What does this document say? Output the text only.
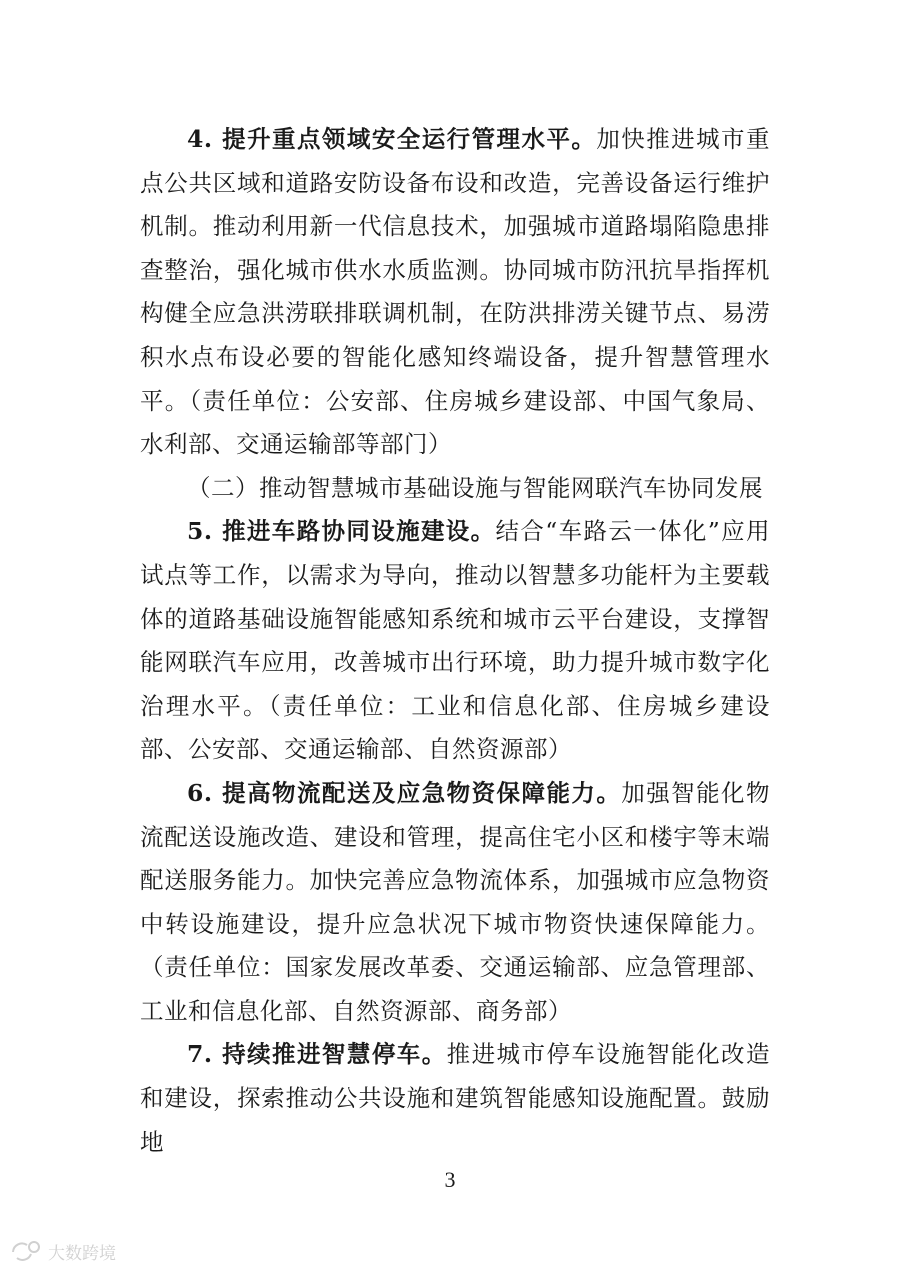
4. 提升重点领域安全运行管理水平。加快推进城市重点公共区域和道路安防设备布设和改造，完善设备运行维护机制。推动利用新一代信息技术，加强城市道路塌陷隐患排查整治，强化城市供水水质监测。协同城市防汛抗旱指挥机构健全应急洪涝联排联调机制，在防洪排涝关键节点、易涝积水点布设必要的智能化感知终端设备，提升智慧管理水平。（责任单位：公安部、住房城乡建设部、中国气象局、水利部、交通运输部等部门）

（二）推动智慧城市基础设施与智能网联汽车协同发展

5. 推进车路协同设施建设。结合“车路云一体化”应用试点等工作，以需求为导向，推动以智慧多功能杆为主要载体的道路基础设施智能感知系统和城市云平台建设，支撑智能网联汽车应用，改善城市出行环境，助力提升城市数字化治理水平。（责任单位：工业和信息化部、住房城乡建设部、公安部、交通运输部、自然资源部）

6. 提高物流配送及应急物资保障能力。加强智能化物流配送设施改造、建设和管理，提高住宅小区和楼宇等末端配送服务能力。加快完善应急物流体系，加强城市应急物资中转设施建设，提升应急状况下城市物资快速保障能力。（责任单位：国家发展改革委、交通运输部、应急管理部、工业和信息化部、自然资源部、商务部）

7. 持续推进智慧停车。推进城市停车设施智能化改造和建设，探索推动公共设施和建筑智能感知设施配置。鼓励地

3
大数跨境
